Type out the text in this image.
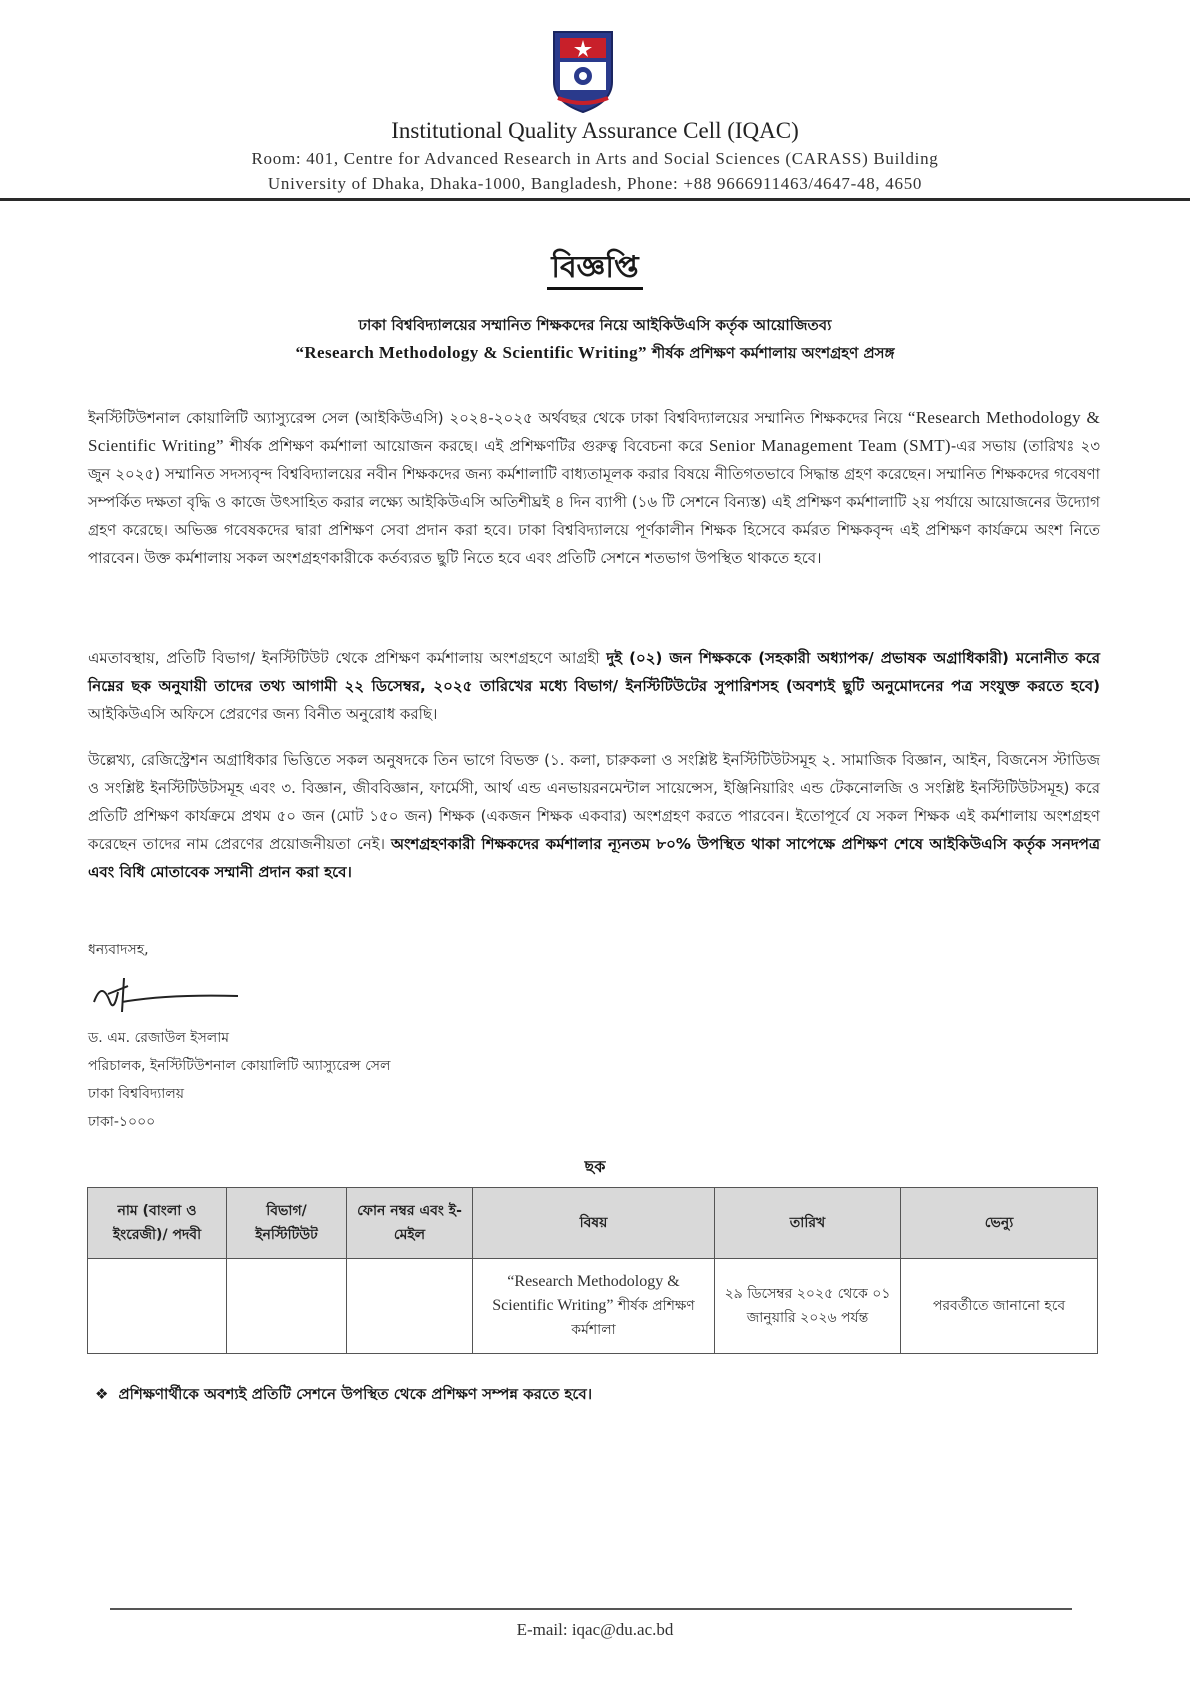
Institutional Quality Assurance Cell (IQAC)
Room: 401, Centre for Advanced Research in Arts and Social Sciences (CARASS) Building
University of Dhaka, Dhaka-1000, Bangladesh, Phone: +88 9666911463/4647-48, 4650
বিজ্ঞপ্তি
ঢাকা বিশ্ববিদ্যালয়ের সম্মানিত শিক্ষকদের নিয়ে আইকিউএসি কর্তৃক আয়োজিতব্য
“Research Methodology & Scientific Writing” শীর্ষক প্রশিক্ষণ কর্মশালায় অংশগ্রহণ প্রসঙ্গ

ইনস্টিটিউশনাল কোয়ালিটি অ্যাস্যুরেন্স সেল (আইকিউএসি) ২০২৪-২০২৫ অর্থবছর থেকে ঢাকা বিশ্ববিদ্যালয়ের সম্মানিত শিক্ষকদের নিয়ে “Research Methodology & Scientific Writing” শীর্ষক প্রশিক্ষণ কর্মশালা আয়োজন করছে। এই প্রশিক্ষণটির গুরুত্ব বিবেচনা করে Senior Management Team (SMT)-এর সভায় (তারিখঃ ২৩ জুন ২০২৫) সম্মানিত সদস্যবৃন্দ বিশ্ববিদ্যালয়ের নবীন শিক্ষকদের জন্য কর্মশালাটি বাধ্যতামূলক করার বিষয়ে নীতিগতভাবে সিদ্ধান্ত গ্রহণ করেছেন। সম্মানিত শিক্ষকদের গবেষণা সম্পর্কিত দক্ষতা বৃদ্ধি ও কাজে উৎসাহিত করার লক্ষ্যে আইকিউএসি অতিশীঘ্রই ৪ দিন ব্যাপী (১৬ টি সেশনে বিন্যস্ত) এই প্রশিক্ষণ কর্মশালাটি ২য় পর্যায়ে আয়োজনের উদ্যোগ গ্রহণ করেছে। অভিজ্ঞ গবেষকদের দ্বারা প্রশিক্ষণ সেবা প্রদান করা হবে। ঢাকা বিশ্ববিদ্যালয়ে পূর্ণকালীন শিক্ষক হিসেবে কর্মরত শিক্ষকবৃন্দ এই প্রশিক্ষণ কার্যক্রমে অংশ নিতে পারবেন। উক্ত কর্মশালায় সকল অংশগ্রহণকারীকে কর্তব্যরত ছুটি নিতে হবে এবং প্রতিটি সেশনে শতভাগ উপস্থিত থাকতে হবে।

এমতাবস্থায়, প্রতিটি বিভাগ/ ইনস্টিটিউট থেকে প্রশিক্ষণ কর্মশালায় অংশগ্রহণে আগ্রহী দুই (০২) জন শিক্ষককে (সহকারী অধ্যাপক/ প্রভাষক অগ্রাধিকারী) মনোনীত করে নিম্নের ছক অনুযায়ী তাদের তথ্য আগামী ২২ ডিসেম্বর, ২০২৫ তারিখের মধ্যে বিভাগ/ ইনস্টিটিউটের সুপারিশসহ (অবশ্যই ছুটি অনুমোদনের পত্র সংযুক্ত করতে হবে) আইকিউএসি অফিসে প্রেরণের জন্য বিনীত অনুরোধ করছি।

উল্লেখ্য, রেজিস্ট্রেশন অগ্রাধিকার ভিত্তিতে সকল অনুষদকে তিন ভাগে বিভক্ত (১. কলা, চারুকলা ও সংশ্লিষ্ট ইনস্টিটিউটসমূহ ২. সামাজিক বিজ্ঞান, আইন, বিজনেস স্টাডিজ ও সংশ্লিষ্ট ইনস্টিটিউটসমূহ এবং ৩. বিজ্ঞান, জীববিজ্ঞান, ফার্মেসী, আর্থ এন্ড এনভায়রনমেন্টাল সায়েন্সেস, ইঞ্জিনিয়ারিং এন্ড টেকনোলজি ও সংশ্লিষ্ট ইনস্টিটিউটসমূহ) করে প্রতিটি প্রশিক্ষণ কার্যক্রমে প্রথম ৫০ জন (মোট ১৫০ জন) শিক্ষক (একজন শিক্ষক একবার) অংশগ্রহণ করতে পারবেন। ইতোপূর্বে যে সকল শিক্ষক এই কর্মশালায় অংশগ্রহণ করেছেন তাদের নাম প্রেরণের প্রয়োজনীয়তা নেই। অংশগ্রহণকারী শিক্ষকদের কর্মশালার ন্যূনতম ৮০% উপস্থিত থাকা সাপেক্ষে প্রশিক্ষণ শেষে আইকিউএসি কর্তৃক সনদপত্র এবং বিধি মোতাবেক সম্মানী প্রদান করা হবে।

ধন্যবাদসহ,
ড. এম. রেজাউল ইসলাম
পরিচালক, ইনস্টিটিউশনাল কোয়ালিটি অ্যাস্যুরেন্স সেল
ঢাকা বিশ্ববিদ্যালয়
ঢাকা-১০০০
ছক
নাম (বাংলা ও ইংরেজী)/ পদবী	বিভাগ/ ইনস্টিটিউট	ফোন নম্বর এবং ই-মেইল	বিষয়	তারিখ	ভেন্যু
			“Research Methodology & Scientific Writing” শীর্ষক প্রশিক্ষণ কর্মশালা	২৯ ডিসেম্বর ২০২৫ থেকে ০১ জানুয়ারি ২০২৬ পর্যন্ত	পরবর্তীতে জানানো হবে
❖ প্রশিক্ষণার্থীকে অবশ্যই প্রতিটি সেশনে উপস্থিত থেকে প্রশিক্ষণ সম্পন্ন করতে হবে।
E-mail: iqac@du.ac.bd
